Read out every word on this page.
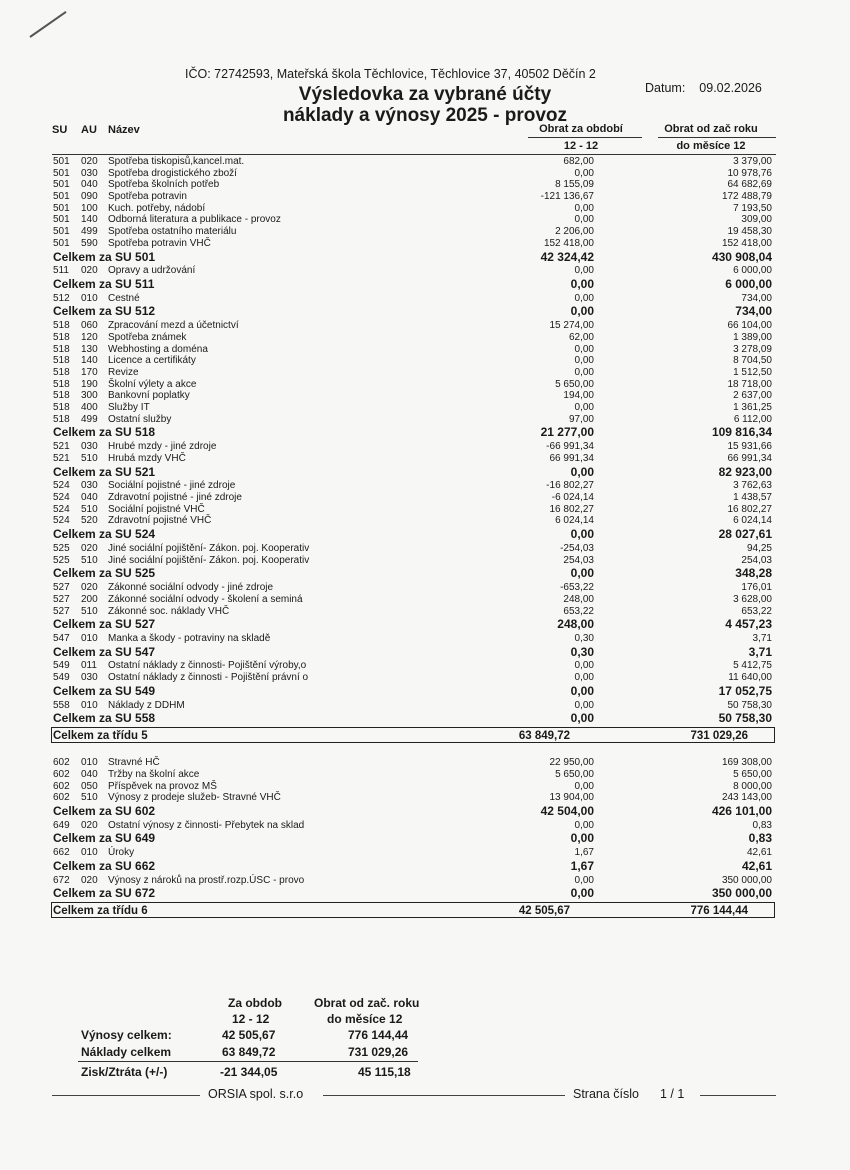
IČO: 72742593, Mateřská škola Těchlovice, Těchlovice 37, 40502 Děčín 2
Datum: 09.02.2026
Výsledovka za vybrané účty
náklady a výnosy 2025 - provoz
SU AU Název	Obrat za období	Obrat od zač roku
12 - 12	do měsíce 12
501 020 Spotřeba tiskopisů,kancel.mat.	682,00	3 379,00
501 030 Spotřeba drogistického zboží	0,00	10 978,76
501 040 Spotřeba školních potřeb	8 155,09	64 682,69
501 090 Spotřeba potravin	-121 136,67	172 488,79
501 100 Kuch. potřeby, nádobí	0,00	7 193,50
501 140 Odborná literatura a publikace - provoz	0,00	309,00
501 499 Spotřeba ostatního materiálu	2 206,00	19 458,30
501 590 Spotřeba potravin VHČ	152 418,00	152 418,00
Celkem za SU 501	42 324,42	430 908,04
511 020 Opravy a udržování	0,00	6 000,00
Celkem za SU 511	0,00	6 000,00
512 010 Cestné	0,00	734,00
Celkem za SU 512	0,00	734,00
518 060 Zpracování mezd a účetnictví	15 274,00	66 104,00
518 120 Spotřeba známek	62,00	1 389,00
518 130 Webhosting a doména	0,00	3 278,09
518 140 Licence a certifikáty	0,00	8 704,50
518 170 Revize	0,00	1 512,50
518 190 Školní výlety a akce	5 650,00	18 718,00
518 300 Bankovní poplatky	194,00	2 637,00
518 400 Služby IT	0,00	1 361,25
518 499 Ostatní služby	97,00	6 112,00
Celkem za SU 518	21 277,00	109 816,34
521 030 Hrubé mzdy - jiné zdroje	-66 991,34	15 931,66
521 510 Hrubá mzdy VHČ	66 991,34	66 991,34
Celkem za SU 521	0,00	82 923,00
524 030 Sociální pojistné - jiné zdroje	-16 802,27	3 762,63
524 040 Zdravotní pojistné - jiné zdroje	-6 024,14	1 438,57
524 510 Sociální pojistné VHČ	16 802,27	16 802,27
524 520 Zdravotní pojistné VHČ	6 024,14	6 024,14
Celkem za SU 524	0,00	28 027,61
525 020 Jiné sociální pojištění- Zákon. poj. Kooperativ	-254,03	94,25
525 510 Jiné sociální pojištění- Zákon. poj. Kooperativ	254,03	254,03
Celkem za SU 525	0,00	348,28
527 020 Zákonné sociální odvody - jiné zdroje	-653,22	176,01
527 200 Zákonné sociální odvody - školení a seminá	248,00	3 628,00
527 510 Zákonné soc. náklady VHČ	653,22	653,22
Celkem za SU 527	248,00	4 457,23
547 010 Manka a škody - potraviny na skladě	0,30	3,71
Celkem za SU 547	0,30	3,71
549 011 Ostatní náklady z činnosti- Pojištění výroby,o	0,00	5 412,75
549 030 Ostatní náklady z činnosti - Pojištění právní o	0,00	11 640,00
Celkem za SU 549	0,00	17 052,75
558 010 Náklady z DDHM	0,00	50 758,30
Celkem za SU 558	0,00	50 758,30
Celkem za třídu 5	63 849,72	731 029,26
602 010 Stravné HČ	22 950,00	169 308,00
602 040 Tržby na školní akce	5 650,00	5 650,00
602 050 Příspěvek na provoz MŠ	0,00	8 000,00
602 510 Výnosy z prodeje služeb- Stravné VHČ	13 904,00	243 143,00
Celkem za SU 602	42 504,00	426 101,00
649 020 Ostatní výnosy z činnosti- Přebytek na sklad	0,00	0,83
Celkem za SU 649	0,00	0,83
662 010 Úroky	1,67	42,61
Celkem za SU 662	1,67	42,61
672 020 Výnosy z nároků na prostř.rozp.ÚSC - provo	0,00	350 000,00
Celkem za SU 672	0,00	350 000,00
Celkem za třídu 6	42 505,67	776 144,44
Za obdob	Obrat od zač. roku
12 - 12	do měsíce 12
Výnosy celkem:	42 505,67	776 144,44
Náklady celkem	63 849,72	731 029,26
Zisk/Ztráta (+/-)	-21 344,05	45 115,18
ORSIA spol. s.r.o	Strana číslo 1 / 1
